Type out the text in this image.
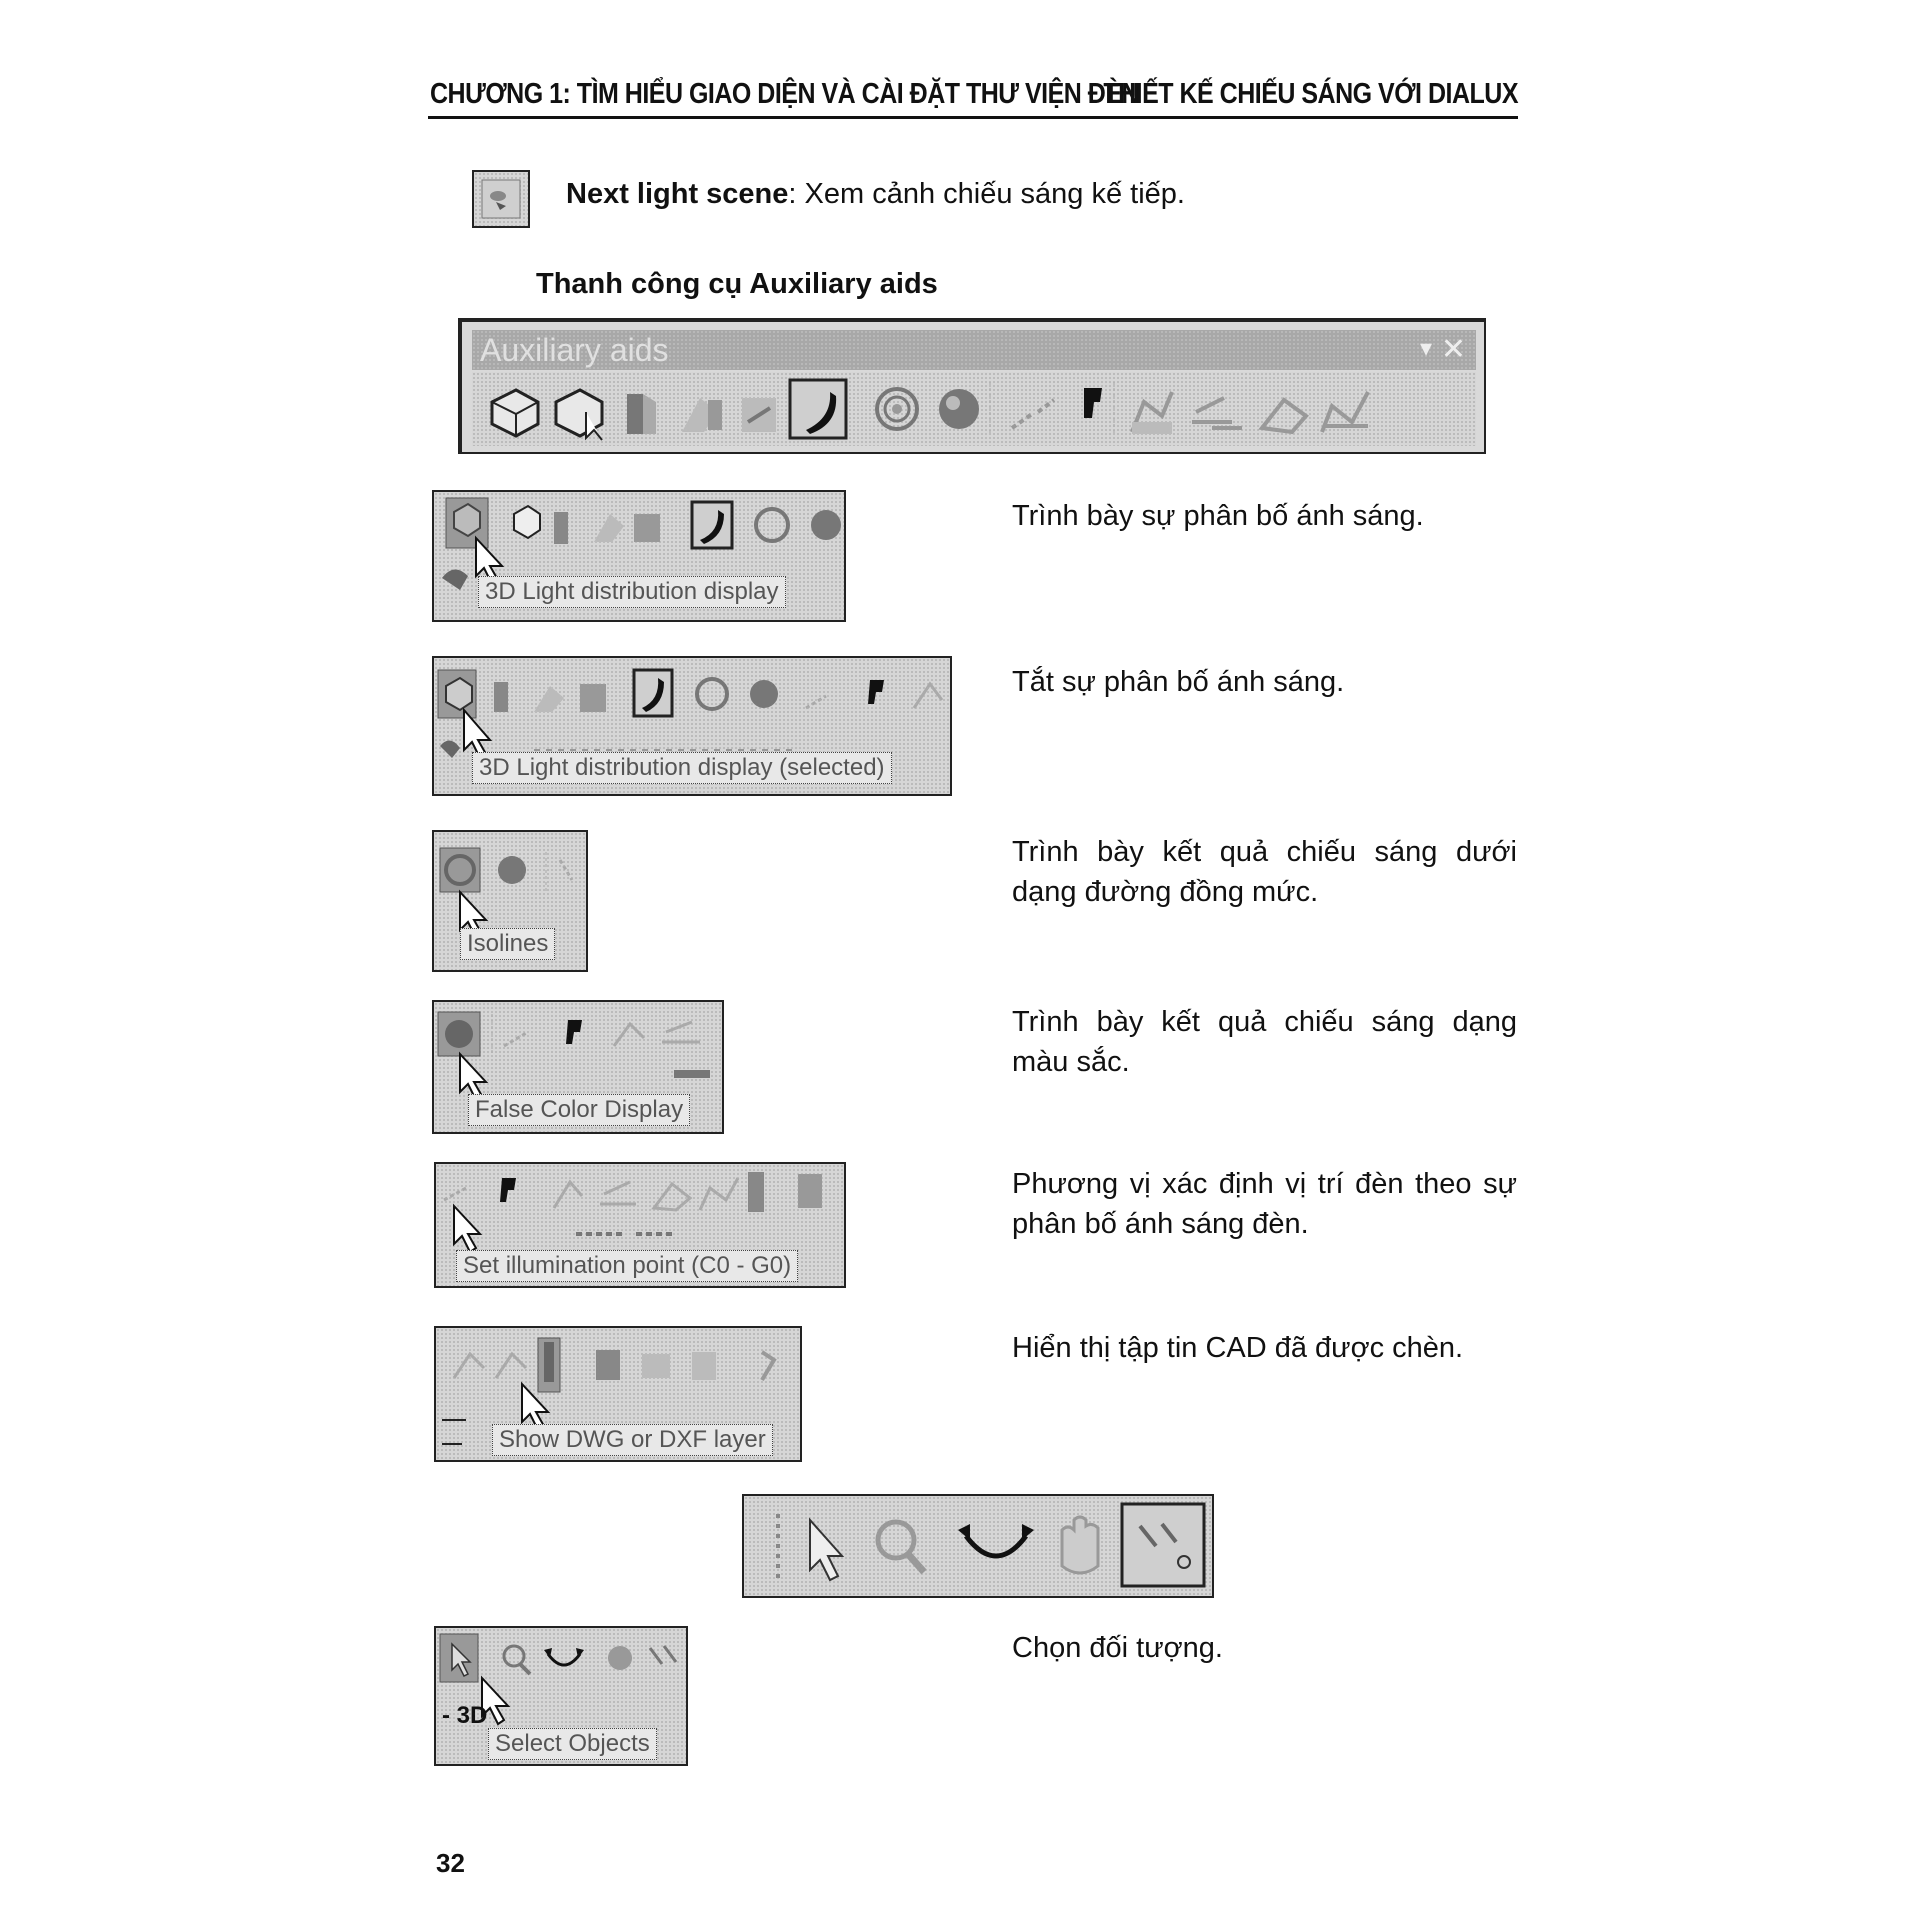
CHƯƠNG 1: TÌM HIỂU GIAO DIỆN VÀ CÀI ĐẶT THƯ VIỆN ĐÈN
THIẾT KẾ CHIẾU SÁNG VỚI DIALUX
Next light scene: Xem cảnh chiếu sáng kế tiếp.
Thanh công cụ Auxiliary aids
Auxiliary aids	▾ ✕
3D Light distribution display
Trình bày sự phân bố ánh sáng.
3D Light distribution display (selected)
Tắt sự phân bố ánh sáng.
Isolines
Trình bày kết quả chiếu sáng dưới dạng đường đồng mức.
False Color Display
Trình bày kết quả chiếu sáng dạng màu sắc.
Set illumination point (C0 - G0)
Phương vị xác định vị trí đèn theo sự phân bố ánh sáng đèn.
Show DWG or DXF layer
Hiển thị tập tin CAD đã được chèn.
- 3D
Select Objects
Chọn đối tượng.
32
